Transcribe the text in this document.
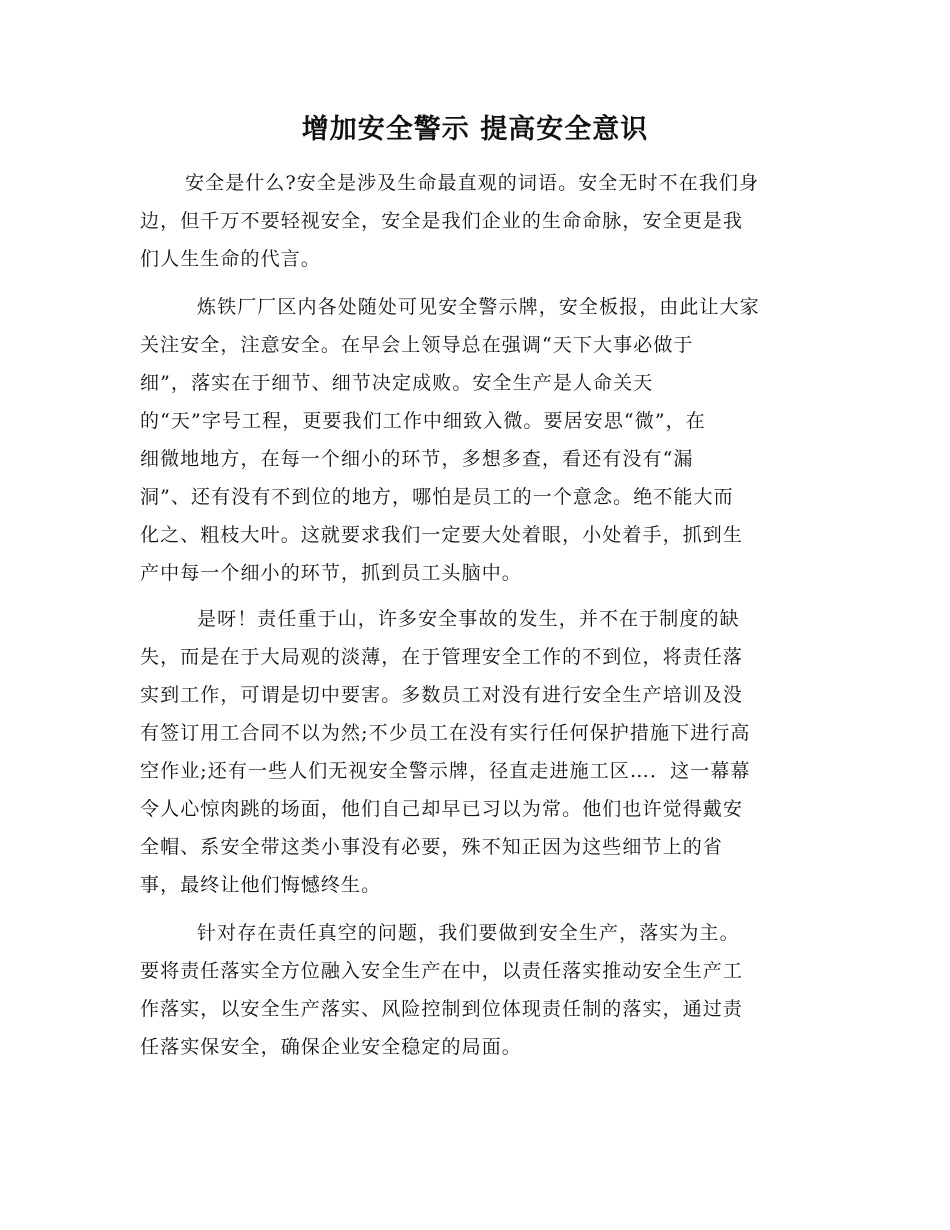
增加安全警示 提高安全意识
安全是什么?安全是涉及生命最直观的词语。安全无时不在我们身
边，但千万不要轻视安全，安全是我们企业的生命命脉，安全更是我
们人生生命的代言。
炼铁厂厂区内各处随处可见安全警示牌，安全板报，由此让大家
关注安全，注意安全。在早会上领导总在强调“天下大事必做于
细”，落实在于细节、细节决定成败。安全生产是人命关天
的“天”字号工程，更要我们工作中细致入微。要居安思“微”，在
细微地地方，在每一个细小的环节，多想多查，看还有没有“漏
洞”、还有没有不到位的地方，哪怕是员工的一个意念。绝不能大而
化之、粗枝大叶。这就要求我们一定要大处着眼，小处着手，抓到生
产中每一个细小的环节，抓到员工头脑中。
是呀！责任重于山，许多安全事故的发生，并不在于制度的缺
失，而是在于大局观的淡薄，在于管理安全工作的不到位，将责任落
实到工作，可谓是切中要害。多数员工对没有进行安全生产培训及没
有签订用工合同不以为然;不少员工在没有实行任何保护措施下进行高
空作业;还有一些人们无视安全警示牌，径直走进施工区…．这一幕幕
令人心惊肉跳的场面，他们自己却早已习以为常。他们也许觉得戴安
全帽、系安全带这类小事没有必要，殊不知正因为这些细节上的省
事，最终让他们悔憾终生。
针对存在责任真空的问题，我们要做到安全生产，落实为主。
要将责任落实全方位融入安全生产在中，以责任落实推动安全生产工
作落实，以安全生产落实、风险控制到位体现责任制的落实，通过责
任落实保安全，确保企业安全稳定的局面。
